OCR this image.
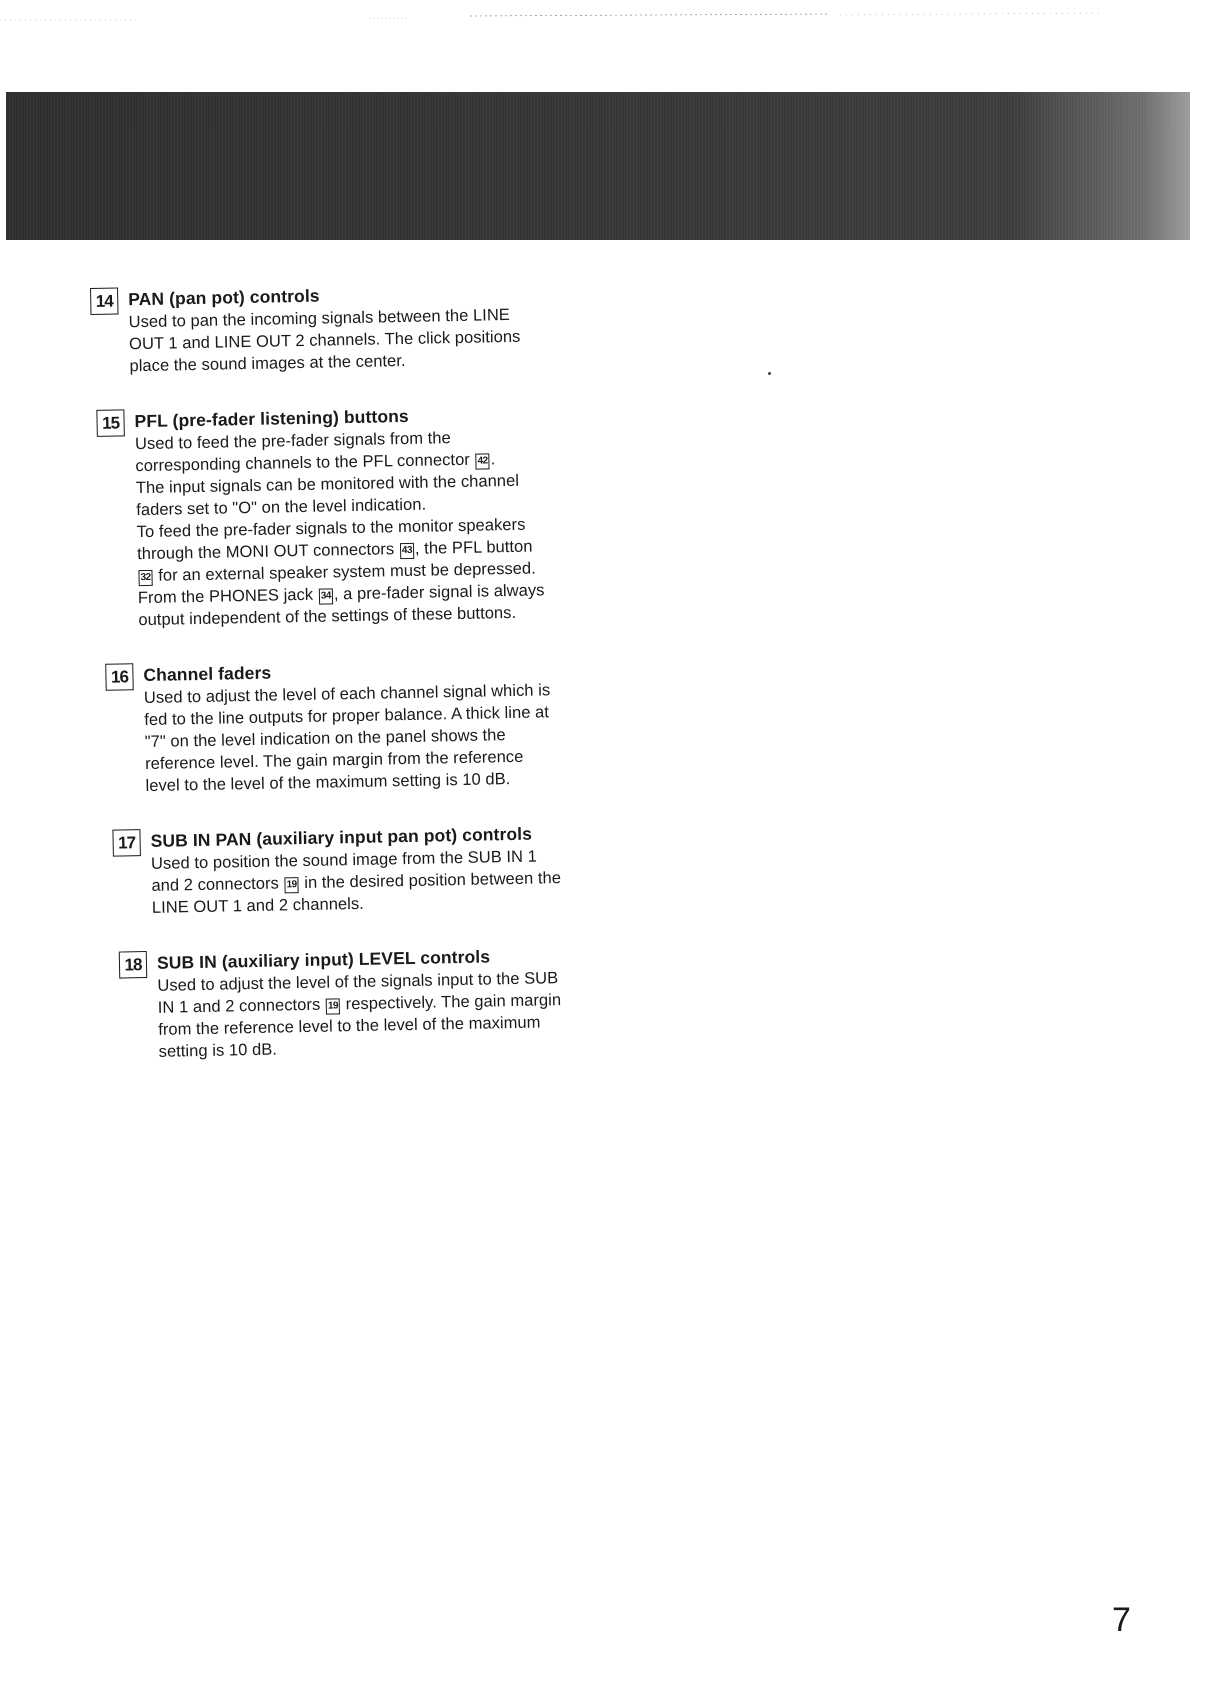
14 PAN (pan pot) controls

Used to pan the incoming signals between the LINE
OUT 1 and LINE OUT 2 channels. The click positions
place the sound images at the center.

15 PFL (pre-fader listening) buttons

Used to feed the pre-fader signals from the
corresponding channels to the PFL connector 42 .
The input signals can be monitored with the channel
faders set to "O" on the level indication.
To feed the pre-fader signals to the monitor speakers
through the MONI OUT connectors 43 , the PFL button
32 for an external speaker system must be depressed.
From the PHONES jack 34 , a pre-fader signal is always
output independent of the settings of these buttons.

16 Channel faders

Used to adjust the level of each channel signal which is
fed to the line outputs for proper balance. A thick line at
"7" on the level indication on the panel shows the
reference level. The gain margin from the reference
level to the level of the maximum setting is 10 dB.

17 SUB IN PAN (auxiliary input pan pot) controls

Used to position the sound image from the SUB IN 1
and 2 connectors 19 in the desired position between the
LINE OUT 1 and 2 channels.

18 SUB IN (auxiliary input) LEVEL controls

Used to adjust the level of the signals input to the SUB
IN 1 and 2 connectors 19 respectively. The gain margin
from the reference level to the level of the maximum
setting is 10 dB.

7
